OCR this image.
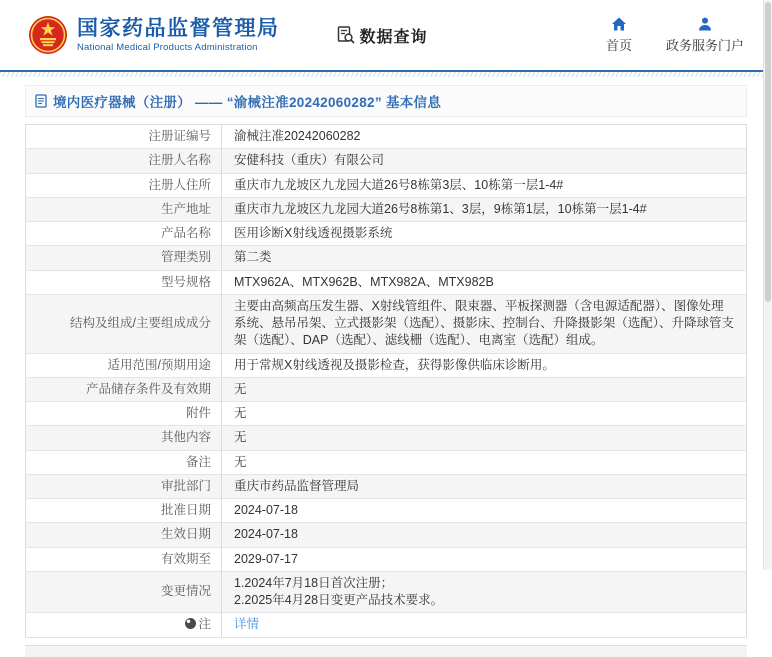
国家药品监督管理局
National Medical Products Administration
数据查询	首页	政务服务门户
境内医疗器械（注册） —— “渝械注准20242060282” 基本信息
注册证编号	渝械注准20242060282
注册人名称	安健科技（重庆）有限公司
注册人住所	重庆市九龙坡区九龙园大道26号8栋第3层、10栋第一层1-4#
生产地址	重庆市九龙坡区九龙园大道26号8栋第1、3层，9栋第1层，10栋第一层1-4#
产品名称	医用诊断X射线透视摄影系统
管理类别	第二类
型号规格	MTX962A、MTX962B、MTX982A、MTX982B
结构及组成/主要组成成分	主要由高频高压发生器、X射线管组件、限束器、平板探测器（含电源适配器）、图像处理系统、悬吊吊架、立式摄影架（选配）、摄影床、控制台、升降摄影架（选配）、升降球管支架（选配）、DAP（选配）、滤线栅（选配）、电离室（选配）组成。
适用范围/预期用途	用于常规X射线透视及摄影检查，获得影像供临床诊断用。
产品储存条件及有效期	无
附件	无
其他内容	无
备注	无
审批部门	重庆市药品监督管理局
批准日期	2024-07-18
生效日期	2024-07-18
有效期至	2029-07-17
变更情况	1.2024年7月18日首次注册；
2.2025年4月28日变更产品技术要求。
注	详情
